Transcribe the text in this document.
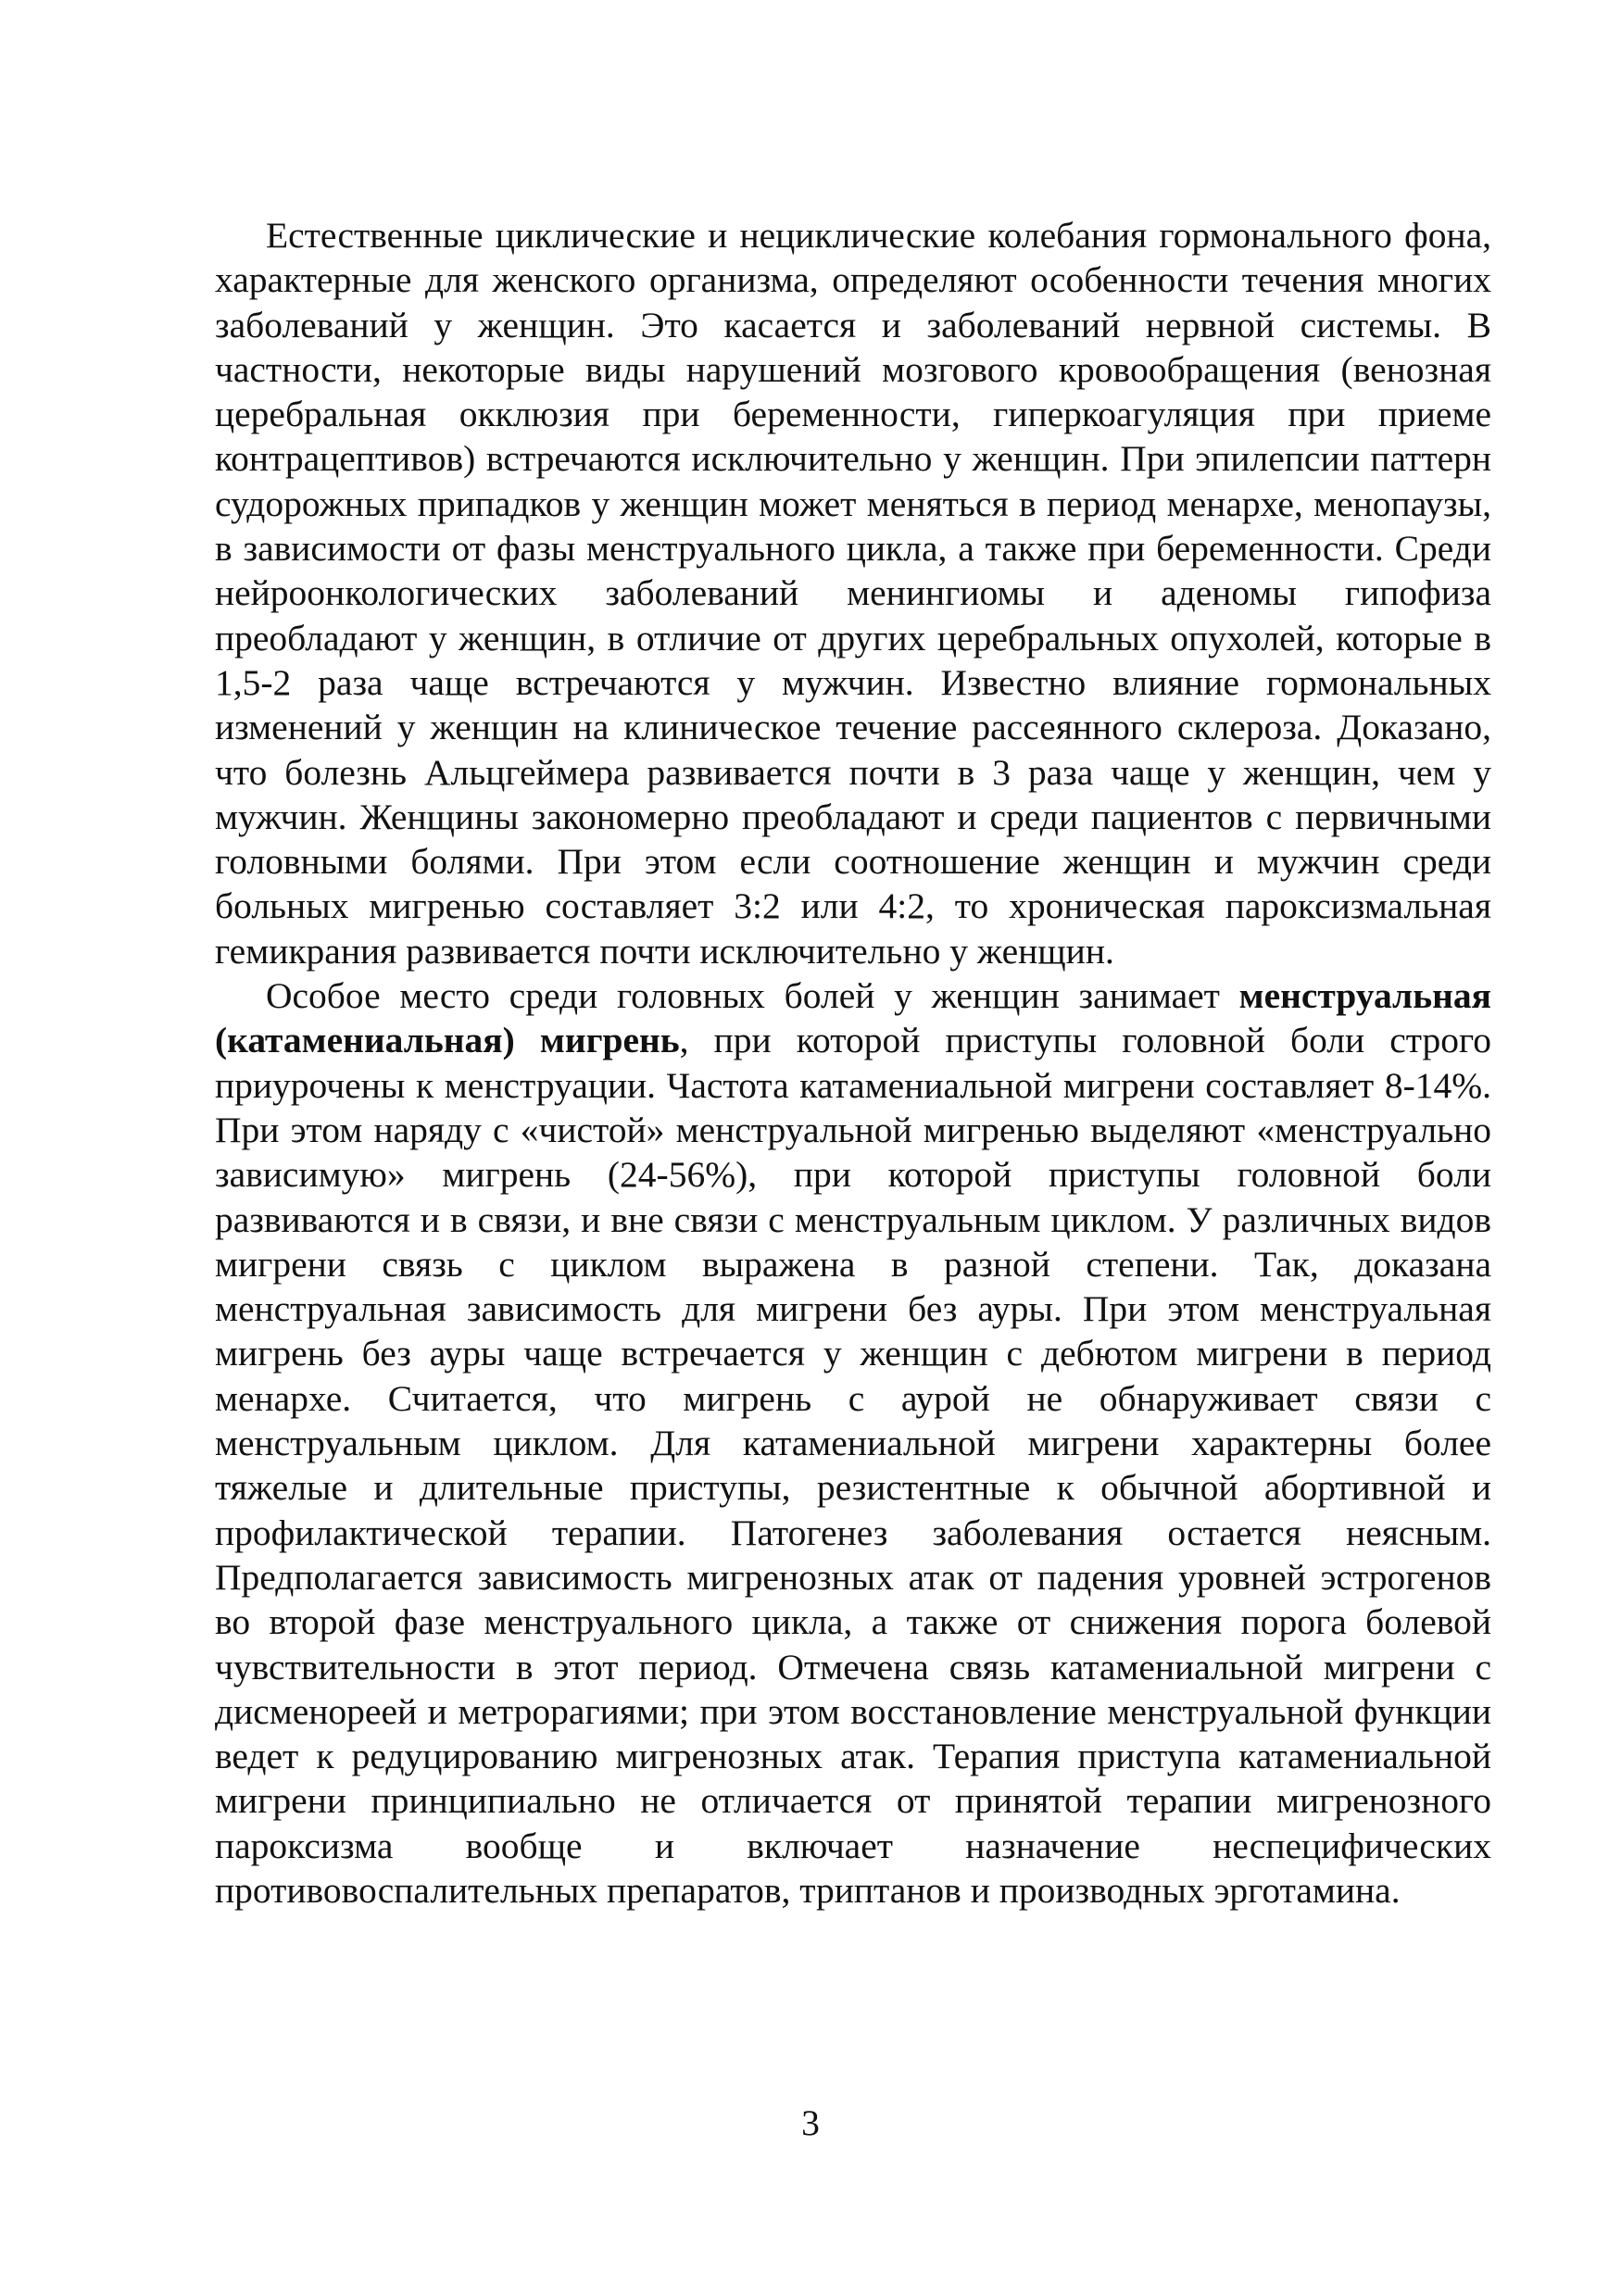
Естественные циклические и нециклические колебания гормонального фона, характерные для женского организма, определяют особенности течения многих заболеваний у женщин. Это касается и заболеваний нервной системы. В частности, некоторые виды нарушений мозгового кровообращения (венозная церебральная окклюзия при беременности, гиперкоагуляция при приеме контрацептивов) встречаются исключительно у женщин. При эпилепсии паттерн судорожных припадков у женщин может меняться в период менархе, менопаузы, в зависимости от фазы менструального цикла, а также при беременности. Среди нейроонкологических заболеваний менингиомы и аденомы гипофиза преобладают у женщин, в отличие от других церебральных опухолей, которые в 1,5-2 раза чаще встречаются у мужчин. Известно влияние гормональных изменений у женщин на клиническое течение рассеянного склероза. Доказано, что болезнь Альцгеймера развивается почти в 3 раза чаще у женщин, чем у мужчин. Женщины закономерно преобладают и среди пациентов с первичными головными болями. При этом если соотношение женщин и мужчин среди больных мигренью составляет 3:2 или 4:2, то хроническая пароксизмальная гемикрания развивается почти исключительно у женщин.

Особое место среди головных болей у женщин занимает менструальная (катамениальная) мигрень, при которой приступы головной боли строго приурочены к менструации. Частота катамениальной мигрени составляет 8-14%. При этом наряду с «чистой» менструальной мигренью выделяют «менструально зависимую» мигрень (24-56%), при которой приступы головной боли развиваются и в связи, и вне связи с менструальным циклом. У различных видов мигрени связь с циклом выражена в разной степени. Так, доказана менструальная зависимость для мигрени без ауры. При этом менструальная мигрень без ауры чаще встречается у женщин с дебютом мигрени в период менархе. Считается, что мигрень с аурой не обнаруживает связи с менструальным циклом. Для катамениальной мигрени характерны более тяжелые и длительные приступы, резистентные к обычной абортивной и профилактической терапии. Патогенез заболевания остается неясным. Предполагается зависимость мигренозных атак от падения уровней эстрогенов во второй фазе менструального цикла, а также от снижения порога болевой чувствительности в этот период. Отмечена связь катамениальной мигрени с дисменореей и метрорагиями; при этом восстановление менструальной функции ведет к редуцированию мигренозных атак. Терапия приступа катамениальной мигрени принципиально не отличается от принятой терапии мигренозного пароксизма вообще и включает назначение неспецифических противовоспалительных препаратов, триптанов и производных эрготамина.

3
